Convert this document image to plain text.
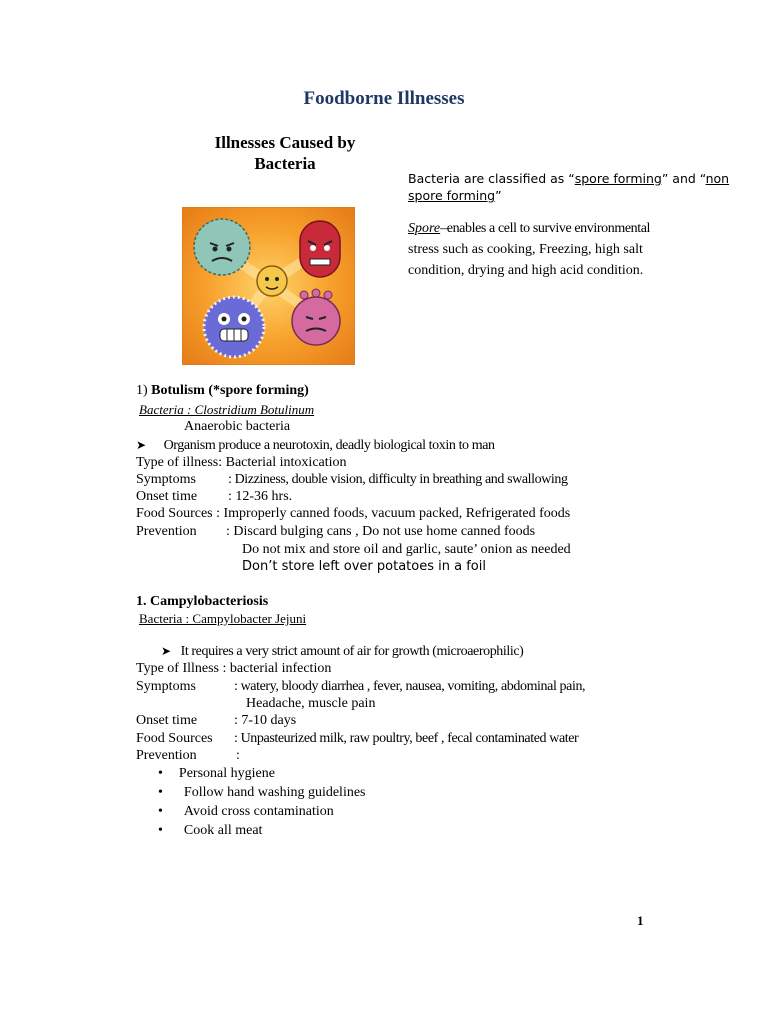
Foodborne Illnesses
Illnesses Caused by Bacteria
Bacteria are classified as “spore forming” and “non
spore forming”
Spore–enables a cell to survive environmental
stress such as cooking, Freezing, high salt
condition, drying and high acid condition.
1) Botulism (*spore forming)
Bacteria : Clostridium Botulinum
Anaerobic bacteria
➤ Organism produce a neurotoxin, deadly biological toxin to man
Type of illness: Bacterial intoxication
Symptoms : Dizziness, double vision, difficulty in breathing and swallowing
Onset time : 12-36 hrs.
Food Sources : Improperly canned foods, vacuum packed, Refrigerated foods
Prevention : Discard bulging cans , Do not use home canned foods
Do not mix and store oil and garlic, saute’ onion as needed
Don’t store left over potatoes in a foil
1. Campylobacteriosis
Bacteria : Campylobacter Jejuni
➤ It requires a very strict amount of air for growth (microaerophilic)
Type of Illness : bacterial infection
Symptoms	: watery, bloody diarrhea , fever, nausea, vomiting, abdominal pain,
Headache, muscle pain
Onset time	: 7-10 days
Food Sources : Unpasteurized milk, raw poultry, beef , fecal contaminated water
Prevention	:
• Personal hygiene
• Follow hand washing guidelines
• Avoid cross contamination
• Cook all meat
1
